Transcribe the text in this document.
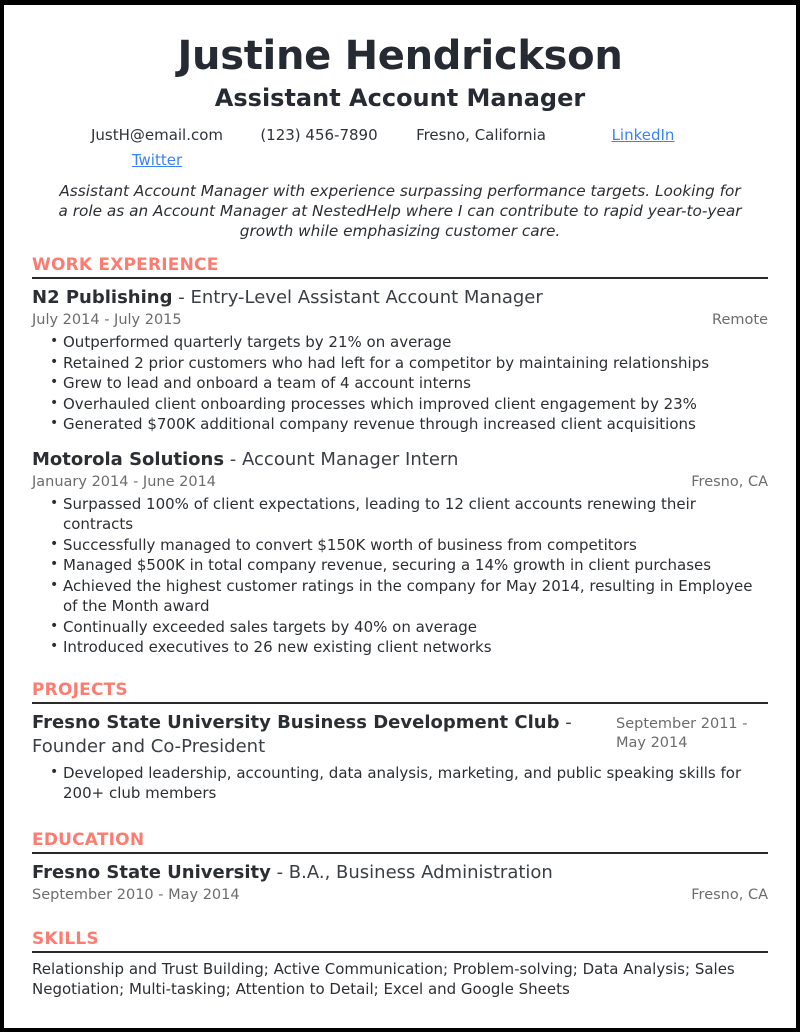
Justine Hendrickson
Assistant Account Manager
JustH@email.com	(123) 456-7890	Fresno, California	LinkedIn
Twitter
Assistant Account Manager with experience surpassing performance targets. Looking for a role as an Account Manager at NestedHelp where I can contribute to rapid year-to-year growth while emphasizing customer care.
WORK EXPERIENCE
N2 Publishing - Entry-Level Assistant Account Manager
July 2014 - July 2015	Remote
• Outperformed quarterly targets by 21% on average
• Retained 2 prior customers who had left for a competitor by maintaining relationships
• Grew to lead and onboard a team of 4 account interns
• Overhauled client onboarding processes which improved client engagement by 23%
• Generated $700K additional company revenue through increased client acquisitions
Motorola Solutions - Account Manager Intern
January 2014 - June 2014	Fresno, CA
• Surpassed 100% of client expectations, leading to 12 client accounts renewing their contracts
• Successfully managed to convert $150K worth of business from competitors
• Managed $500K in total company revenue, securing a 14% growth in client purchases
• Achieved the highest customer ratings in the company for May 2014, resulting in Employee of the Month award
• Continually exceeded sales targets by 40% on average
• Introduced executives to 26 new existing client networks
PROJECTS
Fresno State University Business Development Club - Founder and Co-President
September 2011 - May 2014
• Developed leadership, accounting, data analysis, marketing, and public speaking skills for 200+ club members
EDUCATION
Fresno State University - B.A., Business Administration
September 2010 - May 2014	Fresno, CA
SKILLS
Relationship and Trust Building; Active Communication; Problem-solving; Data Analysis; Sales Negotiation; Multi-tasking; Attention to Detail; Excel and Google Sheets
